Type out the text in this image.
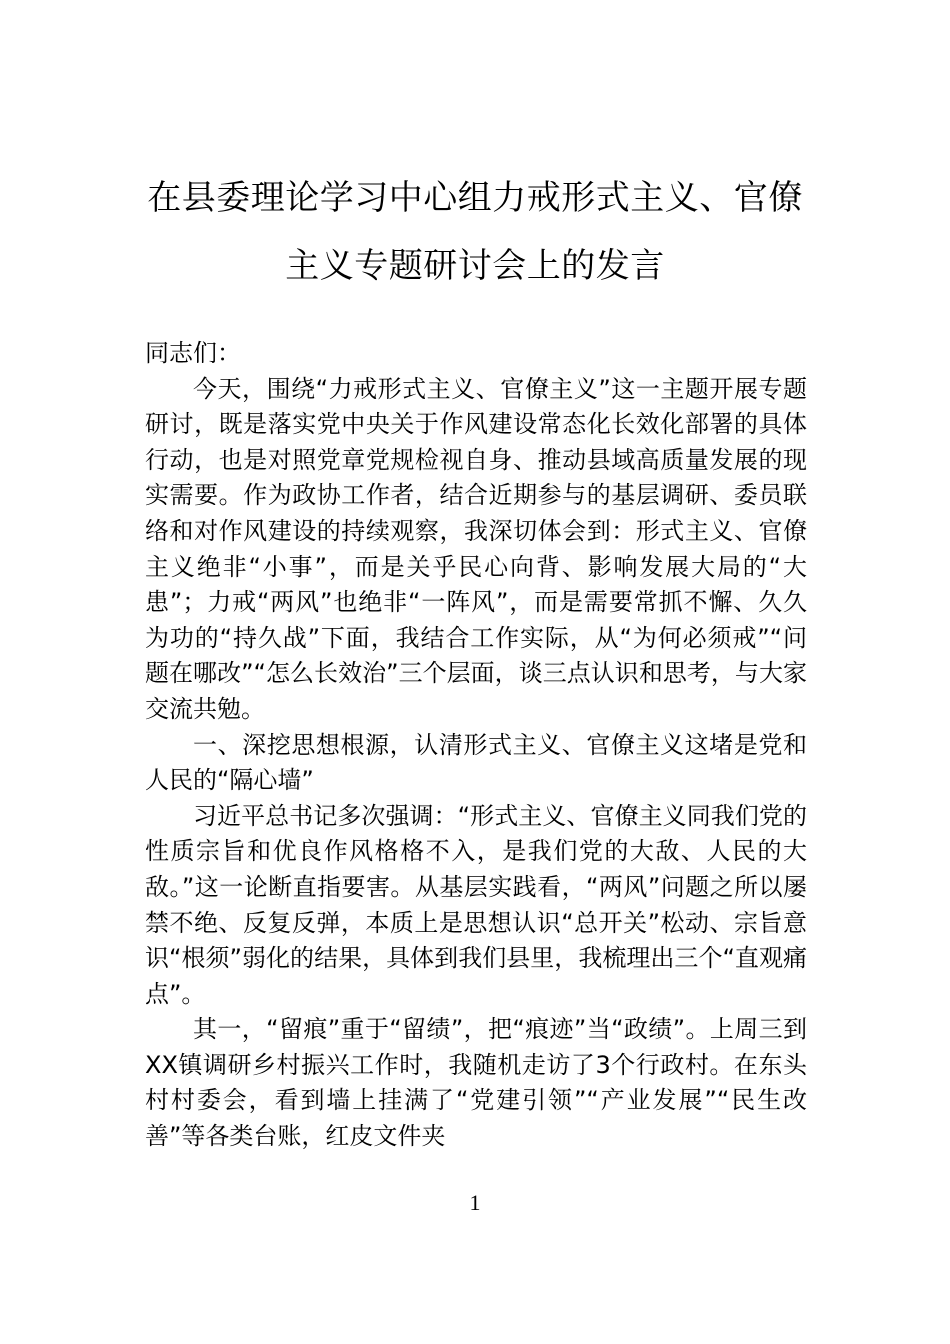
在县委理论学习中心组力戒形式主义、官僚主义专题研讨会上的发言

同志们：

今天，围绕“力戒形式主义、官僚主义”这一主题开展专题研讨，既是落实党中央关于作风建设常态化长效化部署的具体行动，也是对照党章党规检视自身、推动县域高质量发展的现实需要。作为政协工作者，结合近期参与的基层调研、委员联络和对作风建设的持续观察，我深切体会到：形式主义、官僚主义绝非“小事”，而是关乎民心向背、影响发展大局的“大患”；力戒“两风”也绝非“一阵风”，而是需要常抓不懈、久久为功的“持久战”下面，我结合工作实际，从“为何必须戒”“问题在哪改”“怎么长效治”三个层面，谈三点认识和思考，与大家交流共勉。

一、深挖思想根源，认清形式主义、官僚主义这堵是党和人民的“隔心墙”

习近平总书记多次强调：“形式主义、官僚主义同我们党的性质宗旨和优良作风格格不入，是我们党的大敌、人民的大敌。”这一论断直指要害。从基层实践看，“两风”问题之所以屡禁不绝、反复反弹，本质上是思想认识“总开关”松动、宗旨意识“根须”弱化的结果，具体到我们县里，我梳理出三个“直观痛点”。

其一，“留痕”重于“留绩”，把“痕迹”当“政绩”。上周三到XX镇调研乡村振兴工作时，我随机走访了3个行政村。在东头村村委会，看到墙上挂满了“党建引领”“产业发展”“民生改善”等各类台账，红皮文件夹

1
